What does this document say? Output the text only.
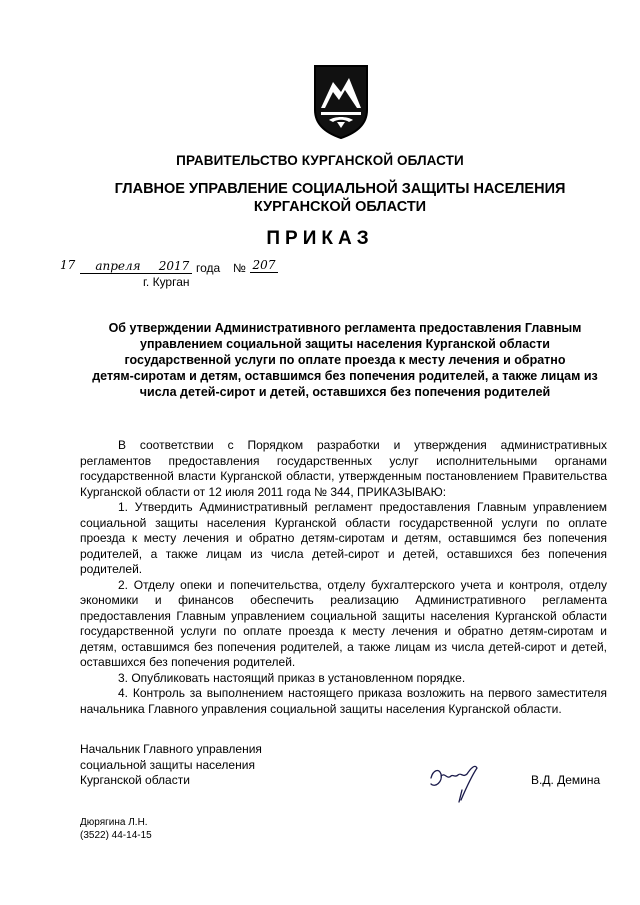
ПРАВИТЕЛЬСТВО КУРГАНСКОЙ ОБЛАСТИ
ГЛАВНОЕ УПРАВЛЕНИЕ СОЦИАЛЬНОЙ ЗАЩИТЫ НАСЕЛЕНИЯ
КУРГАНСКОЙ ОБЛАСТИ
ПРИКАЗ
17	апреля	2017 года № 207
г. Курган
Об утверждении Административного регламента предоставления Главным
управлением социальной защиты населения Курганской области
государственной услуги по оплате проезда к месту лечения и обратно
детям-сиротам и детям, оставшимся без попечения родителей, а также лицам из
числа детей-сирот и детей, оставшихся без попечения родителей

В соответствии с Порядком разработки и утверждения административных регламентов предоставления государственных услуг исполнительными органами государственной власти Курганской области, утвержденным постановлением Правительства Курганской области от 12 июля 2011 года № 344, ПРИКАЗЫВАЮ:

1. Утвердить Административный регламент предоставления Главным управлением социальной защиты населения Курганской области государственной услуги по оплате проезда к месту лечения и обратно детям-сиротам и детям, оставшимся без попечения родителей, а также лицам из числа детей-сирот и детей, оставшихся без попечения родителей.

2. Отделу опеки и попечительства, отделу бухгалтерского учета и контроля, отделу экономики и финансов обеспечить реализацию Административного регламента предоставления Главным управлением социальной защиты населения Курганской области государственной услуги по оплате проезда к месту лечения и обратно детям-сиротам и детям, оставшимся без попечения родителей, а также лицам из числа детей-сирот и детей, оставшихся без попечения родителей.

3. Опубликовать настоящий приказ в установленном порядке.

4. Контроль за выполнением настоящего приказа возложить на первого заместителя начальника Главного управления социальной защиты населения Курганской области.

Начальник Главного управления
социальной защиты населения
Курганской области	В.Д. Демина
Дюрягина Л.Н.
(3522) 44-14-15
